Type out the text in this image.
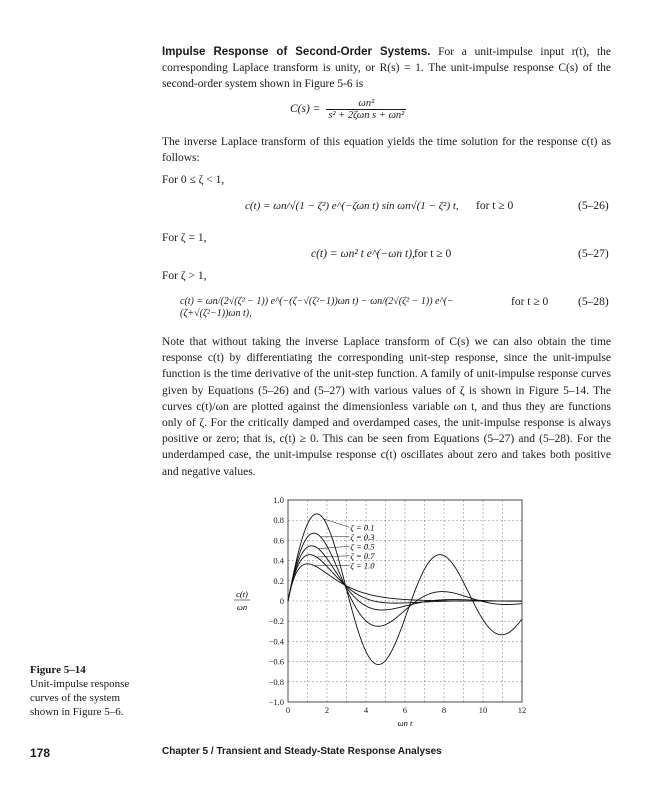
Impulse Response of Second-Order Systems. For a unit-impulse input r(t), the corresponding Laplace transform is unity, or R(s) = 1. The unit-impulse response C(s) of the second-order system shown in Figure 5-6 is
$C(s) = \frac{\text{ωn²}}{\text{s² + 2ζωn s + ωn²}}$
The inverse Laplace transform of this equation yields the time solution for the response c(t) as follows:
For 0 ≤ ζ < 1,
c(t) = ωn/√(1 − ζ²) e^(−ζωn t) sin ωn√(1 − ζ²) t, for t ≥ 0	(5–26)
For ζ = 1,
c(t) = ωn² t e^(−ωn t), for t ≥ 0	(5–27)
For ζ > 1,
c(t) = ωn/(2√(ζ² − 1)) e^(−(ζ−√(ζ²−1))ωn t) − ωn/(2√(ζ² − 1)) e^(−(ζ+√(ζ²−1))ωn t),
for t ≥ 0	(5–28)
Note that without taking the inverse Laplace transform of C(s) we can also obtain the time response c(t) by differentiating the corresponding unit-step response, since the unit-impulse function is the time derivative of the unit-step function. A family of unit-impulse response curves given by Equations (5–26) and (5–27) with various values of ζ is shown in Figure 5–14. The curves c(t)/ωn are plotted against the dimensionless variable ωn t, and thus they are functions only of ζ. For the critically damped and overdamped cases, the unit-impulse response is always positive or zero; that is, c(t) ≥ 0. This can be seen from Equations (5–27) and (5–28). For the underdamped case, the unit-impulse response c(t) oscillates about zero and takes both positive and negative values.
ζ = 0.1
ζ = 0.3
ζ = 0.5
ζ = 0.7
ζ = 1.0
1.0
0.8
0.6
0.4
0.2
0
−0.2
−0.4
−0.6
−0.8
−1.0
0	2	4	6	8	10	12
ωn t
c(t)
ωn
Figure 5–14
Unit-impulse response curves of the system shown in Figure 5–6.
178	Chapter 5 / Transient and Steady-State Response Analyses
